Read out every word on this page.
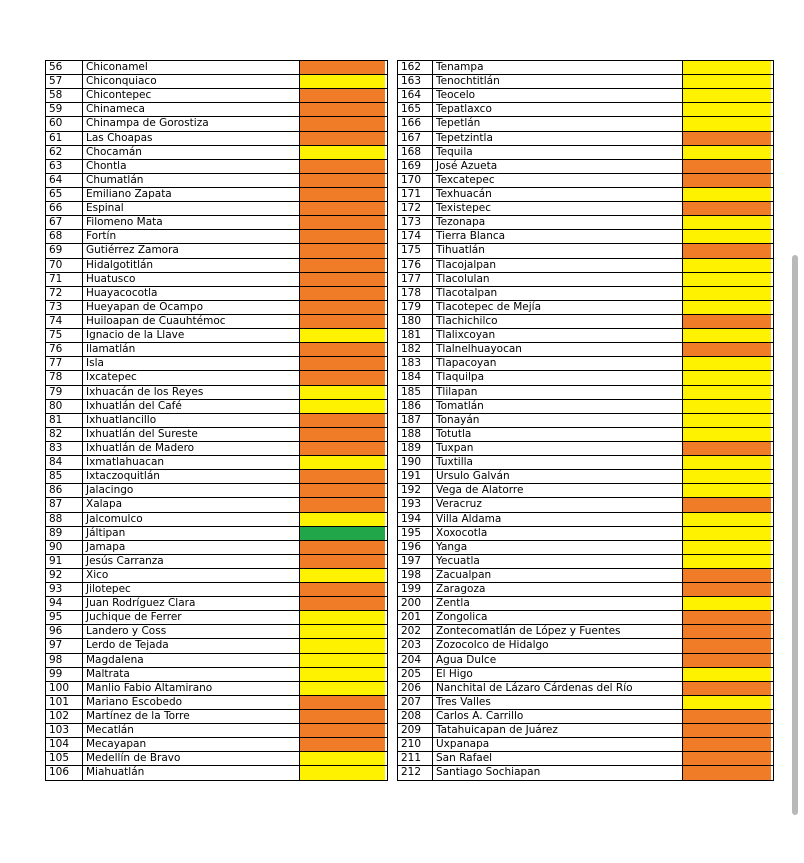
56	Chiconamel
57	Chiconquiaco
58	Chicontepec
59	Chinameca
60	Chinampa de Gorostiza
61	Las Choapas
62	Chocamán
63	Chontla
64	Chumatlán
65	Emiliano Zapata
66	Espinal
67	Filomeno Mata
68	Fortín
69	Gutiérrez Zamora
70	Hidalgotitlán
71	Huatusco
72	Huayacocotla
73	Hueyapan de Ocampo
74	Huiloapan de Cuauhtémoc
75	Ignacio de la Llave
76	Ilamatlán
77	Isla
78	Ixcatepec
79	Ixhuacán de los Reyes
80	Ixhuatlán del Café
81	Ixhuatlancillo
82	Ixhuatlán del Sureste
83	Ixhuatlán de Madero
84	Ixmatlahuacan
85	Ixtaczoquitlán
86	Jalacingo
87	Xalapa
88	Jalcomulco
89	Jáltipan
90	Jamapa
91	Jesús Carranza
92	Xico
93	Jilotepec
94	Juan Rodríguez Clara
95	Juchique de Ferrer
96	Landero y Coss
97	Lerdo de Tejada
98	Magdalena
99	Maltrata
100	Manlio Fabio Altamirano
101	Mariano Escobedo
102	Martínez de la Torre
103	Mecatlán
104	Mecayapan
105	Medellín de Bravo
106	Miahuatlán
162	Tenampa
163	Tenochtitlán
164	Teocelo
165	Tepatlaxco
166	Tepetlán
167	Tepetzintla
168	Tequila
169	José Azueta
170	Texcatepec
171	Texhuacán
172	Texistepec
173	Tezonapa
174	Tierra Blanca
175	Tihuatlán
176	Tlacojalpan
177	Tlacolulan
178	Tlacotalpan
179	Tlacotepec de Mejía
180	Tlachichilco
181	Tlalixcoyan
182	Tlalnelhuayocan
183	Tlapacoyan
184	Tlaquilpa
185	Tlilapan
186	Tomatlán
187	Tonayán
188	Totutla
189	Tuxpan
190	Tuxtilla
191	Ursulo Galván
192	Vega de Alatorre
193	Veracruz
194	Villa Aldama
195	Xoxocotla
196	Yanga
197	Yecuatla
198	Zacualpan
199	Zaragoza
200	Zentla
201	Zongolica
202	Zontecomatlán de López y Fuentes
203	Zozocolco de Hidalgo
204	Agua Dulce
205	El Higo
206	Nanchital de Lázaro Cárdenas del Río
207	Tres Valles
208	Carlos A. Carrillo
209	Tatahuicapan de Juárez
210	Uxpanapa
211	San Rafael
212	Santiago Sochiapan
